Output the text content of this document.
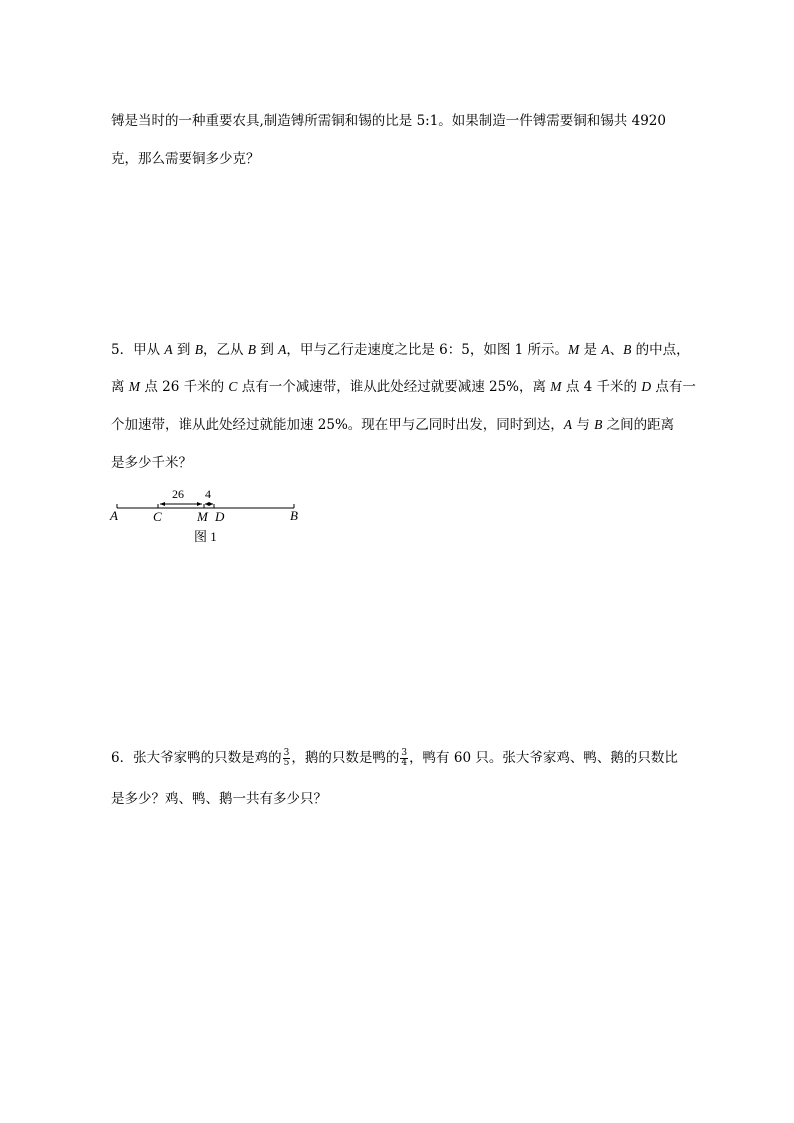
镈是当时的一种重要农具,制造镈所需铜和锡的比是 5:1。如果制造一件镈需要铜和锡共 4920
克，那么需要铜多少克？
5．甲从 A 到 B，乙从 B 到 A，甲与乙行走速度之比是 6：5，如图 1 所示。M 是 A、B 的中点，
离 M 点 26 千米的 C 点有一个减速带，谁从此处经过就要减速 25%，离 M 点 4 千米的 D 点有一
个加速带，谁从此处经过就能加速 25%。现在甲与乙同时出发，同时到达，A 与 B 之间的距离
是多少千米？
26 4
A	C	M D	B
图 1
6．张大爷家鸭的只数是鸡的 $\frac{3}{5}$ ，鹅的只数是鸭的 $\frac{3}{4}$ ，鸭有 60 只。张大爷家鸡、鸭、鹅的只数比
是多少？鸡、鸭、鹅一共有多少只？
